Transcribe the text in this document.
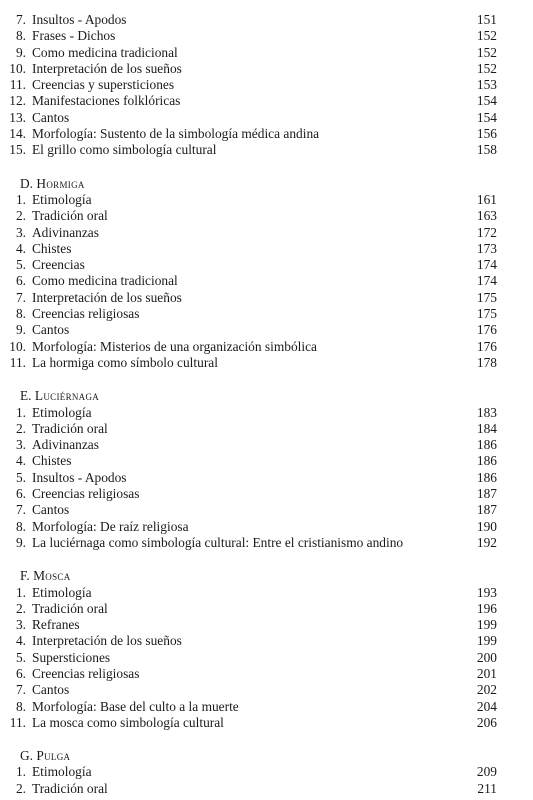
7. Insultos - Apodos	151
8. Frases - Dichos	152
9. Como medicina tradicional	152
10. Interpretación de los sueños	152
11. Creencias y supersticiones	153
12. Manifestaciones folklóricas	154
13. Cantos	154
14. Morfología: Sustento de la simbología médica andina	156
15. El grillo como simbología cultural	158
D. Hormiga
1. Etimología	161
2. Tradición oral	163
3. Adivinanzas	172
4. Chistes	173
5. Creencias	174
6. Como medicina tradicional	174
7. Interpretación de los sueños	175
8. Creencias religiosas	175
9. Cantos	176
10. Morfología: Misterios de una organización simbólica	176
11. La hormiga como símbolo cultural	178
E. Luciérnaga
1. Etimología	183
2. Tradición oral	184
3. Adivinanzas	186
4. Chistes	186
5. Insultos - Apodos	186
6. Creencias religiosas	187
7. Cantos	187
8. Morfología: De raíz religiosa	190
9. La luciérnaga como simbología cultural: Entre el cristianismo andino	192
F. Mosca
1. Etimología	193
2. Tradición oral	196
3. Refranes	199
4. Interpretación de los sueños	199
5. Supersticiones	200
6. Creencias religiosas	201
7. Cantos	202
8. Morfología: Base del culto a la muerte	204
11. La mosca como simbología cultural	206
G. Pulga
1. Etimología	209
2. Tradición oral	211
